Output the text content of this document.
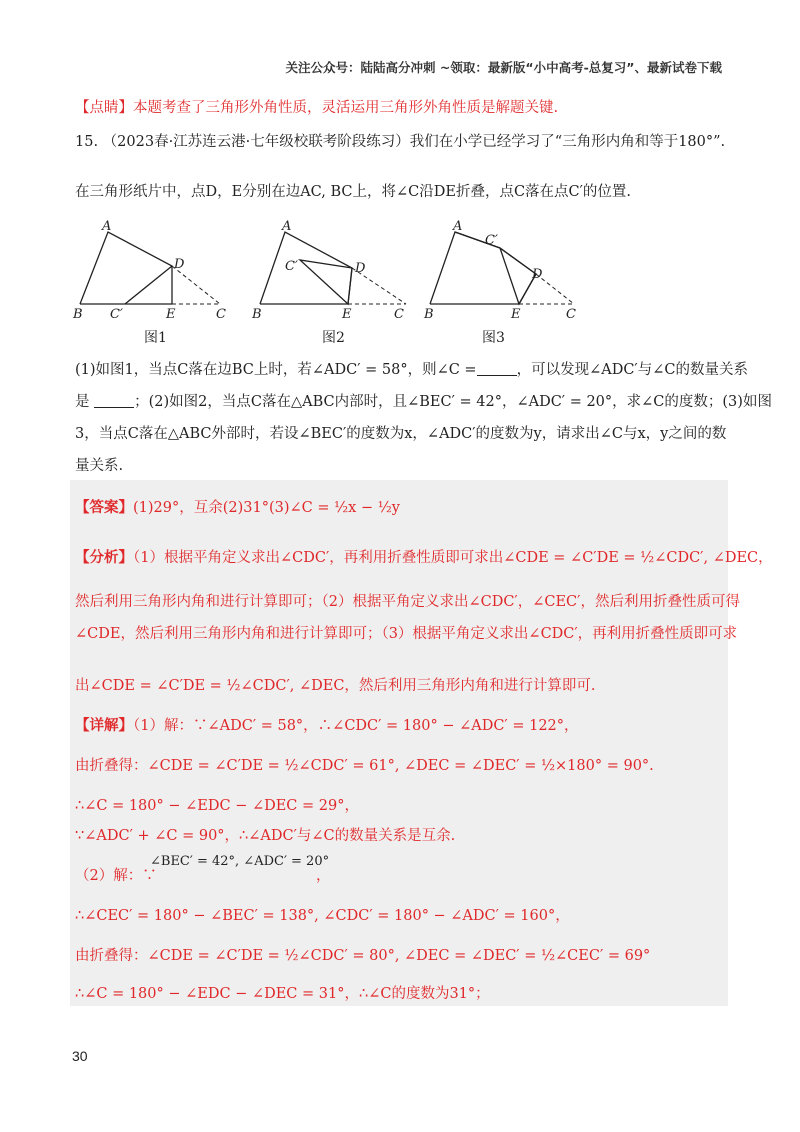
关注公众号：陆陆高分冲刺 ~领取：最新版“小中高考-总复习”、最新试卷下载
【点睛】本题考查了三角形外角性质，灵活运用三角形外角性质是解题关键.
15. （2023春·江苏连云港·七年级校联考阶段练习）我们在小学已经学习了“三角形内角和等于180°”.
在三角形纸片中，点D，E分别在边AC, BC上，将∠C沿DE折叠，点C落在点C′的位置.
A
D
B C′	E	C
A
C′	D
B	E	C
A
C′
D
B	E	C
图1	图2	图3
(1)如图1，当点C落在边BC上时，若∠ADC′ = 58°，则∠C =	，可以发现∠ADC′与∠C的数量关系
是	；(2)如图2，当点C落在△ABC内部时，且∠BEC′ = 42°，∠ADC′ = 20°，求∠C的度数；(3)如图
3，当点C落在△ABC外部时，若设∠BEC′的度数为x，∠ADC′的度数为y，请求出∠C与x，y之间的数
量关系.
【答案】(1)29°，互余(2)31°(3)∠C = ½x − ½y
【分析】（1）根据平角定义求出∠CDC′，再利用折叠性质即可求出∠CDE = ∠C′DE = ½∠CDC′, ∠DEC，
然后利用三角形内角和进行计算即可；（2）根据平角定义求出∠CDC′，∠CEC′，然后利用折叠性质可得
∠CDE，然后利用三角形内角和进行计算即可；（3）根据平角定义求出∠CDC′，再利用折叠性质即可求
出∠CDE = ∠C′DE = ½∠CDC′, ∠DEC，然后利用三角形内角和进行计算即可.
【详解】（1）解：∵∠ADC′ = 58°，∴∠CDC′ = 180° − ∠ADC′ = 122°，
由折叠得：∠CDE = ∠C′DE = ½∠CDC′ = 61°, ∠DEC = ∠DEC′ = ½×180° = 90°.
∴∠C = 180° − ∠EDC − ∠DEC = 29°，
∵∠ADC′ + ∠C = 90°，∴∠ADC′与∠C的数量关系是互余.
∠BEC′ = 42°, ∠ADC′ = 20°
（2）解：∵	，
∴∠CEC′ = 180° − ∠BEC′ = 138°, ∠CDC′ = 180° − ∠ADC′ = 160°，
由折叠得：∠CDE = ∠C′DE = ½∠CDC′ = 80°, ∠DEC = ∠DEC′ = ½∠CEC′ = 69°
∴∠C = 180° − ∠EDC − ∠DEC = 31°，∴∠C的度数为31°；
30
